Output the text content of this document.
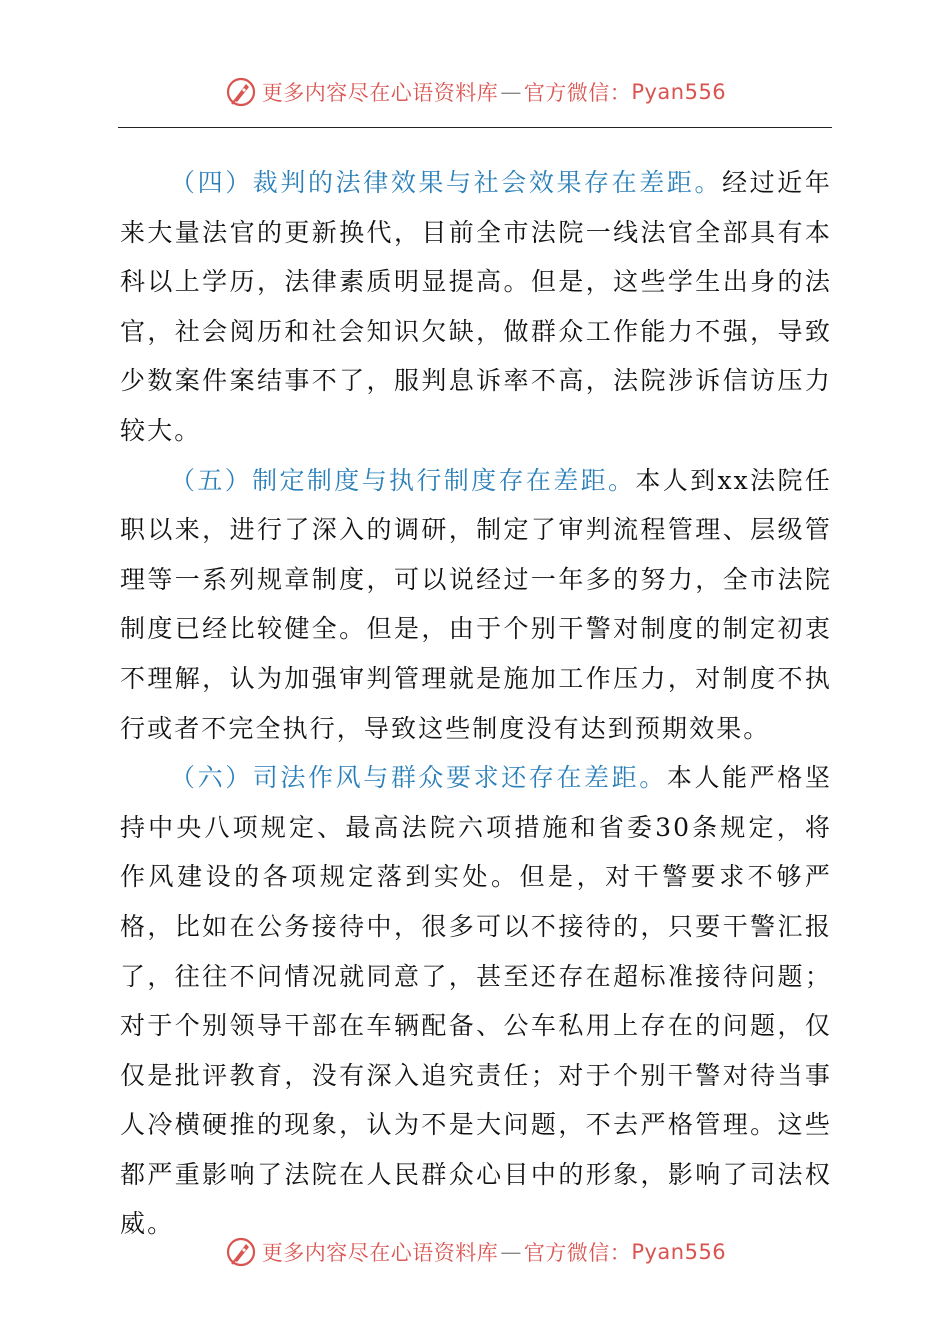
更多内容尽在心语资料库 — 官方微信： Pyan556

（四）裁判的法律效果与社会效果存在差距。经过近年来大量法官的更新换代，目前全市法院一线法官全部具有本科以上学历，法律素质明显提高。但是，这些学生出身的法官，社会阅历和社会知识欠缺，做群众工作能力不强，导致少数案件案结事不了，服判息诉率不高，法院涉诉信访压力较大。

（五）制定制度与执行制度存在差距。本人到xx法院任职以来，进行了深入的调研，制定了审判流程管理、层级管理等一系列规章制度，可以说经过一年多的努力，全市法院制度已经比较健全。但是，由于个别干警对制度的制定初衷不理解，认为加强审判管理就是施加工作压力，对制度不执行或者不完全执行，导致这些制度没有达到预期效果。

（六）司法作风与群众要求还存在差距。本人能严格坚持中央八项规定、最高法院六项措施和省委30条规定，将作风建设的各项规定落到实处。但是，对干警要求不够严格，比如在公务接待中，很多可以不接待的，只要干警汇报了，往往不问情况就同意了，甚至还存在超标准接待问题；对于个别领导干部在车辆配备、公车私用上存在的问题，仅仅是批评教育，没有深入追究责任；对于个别干警对待当事人冷横硬推的现象，认为不是大问题，不去严格管理。这些都严重影响了法院在人民群众心目中的形象，影响了司法权威。

更多内容尽在心语资料库 — 官方微信： Pyan556
